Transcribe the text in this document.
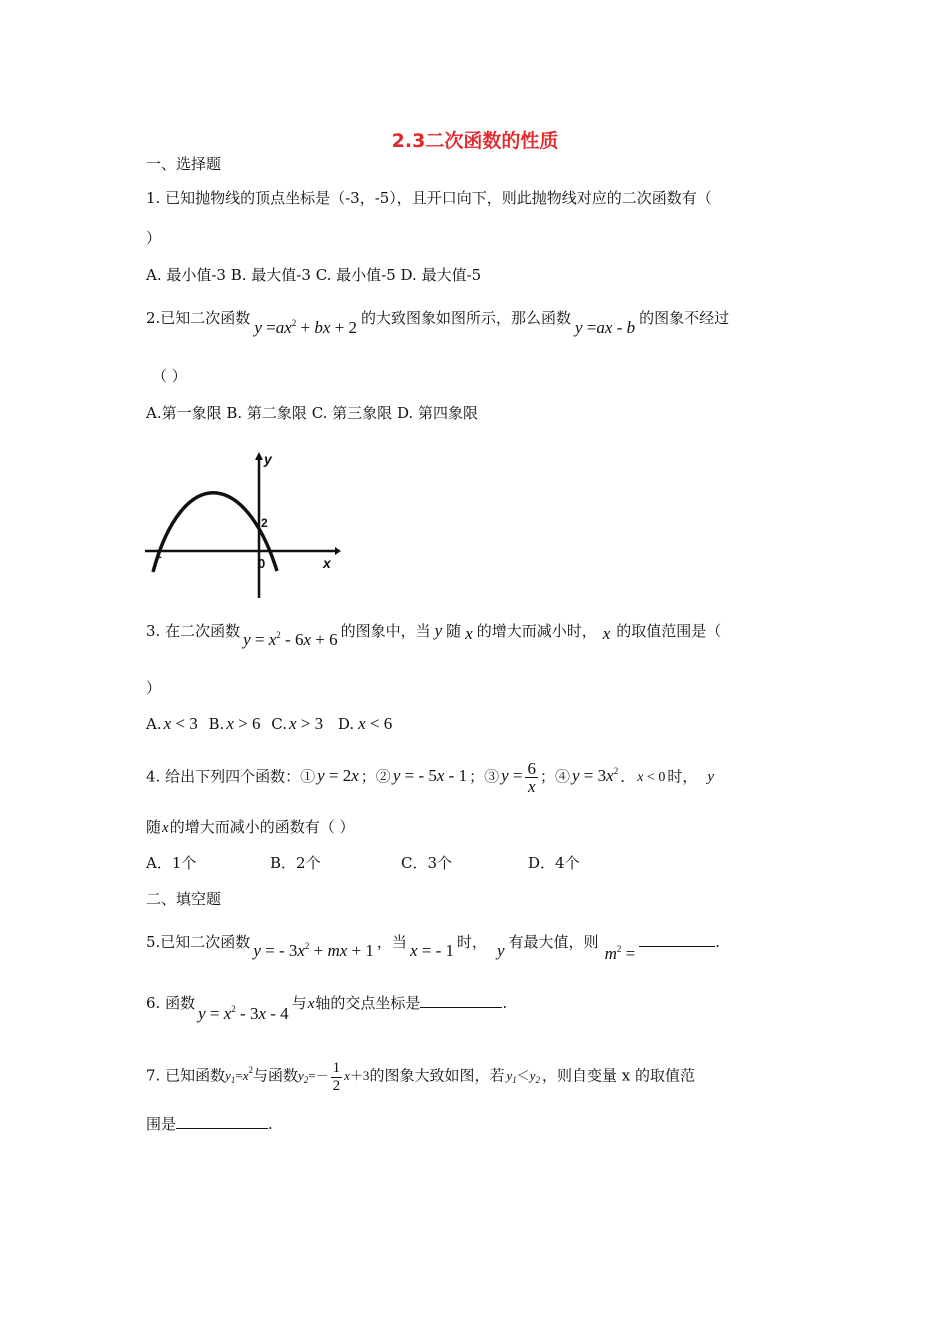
2.3二次函数的性质
一、选择题
1. 已知抛物线的顶点坐标是（-3，-5），且开口向下，则此抛物线对应的二次函数有（
）
A. 最小值-3 B. 最大值-3 C. 最小值-5 D. 最大值-5
2.已知二次函数 $y =ax^2$ + bx + 2 的大致图象如图所示，那么函数 y =ax - b 的图象不经过
（ ）
A.第一象限 B. 第二象限 C. 第三象限 D. 第四象限
y
x
2
0
1
3. 在二次函数 $y = x^2 - 6x + 6$ 的图象中，当 y 随 x 的增大而减小时， x 的取值范围是（
）
A. x < 3 B. x > 6 C. x > 3 D. x < 6
4. 给出下列四个函数：① y = 2x ；② y = - 5x - 1 ；③ $y = \frac{6}{x}$ ；④ $y = 3x^2$ ． x < 0 时， y
随x的增大而减小的函数有（ ）
A．1个	B．2个	C．3个	D．4个
二、填空题
5.已知二次函数 y = - $3x^2$ + mx + 1 ，当 x = - 1 时， y 有最大值，则$m^2$ =.
6. 函数$y = x^2 - 3x - 4$与x轴的交点坐标是	.
7. 已知函数$y_1=x^2$与函数$y_2=- \frac{1}{2} x+3$的图象大致如图，若 $y_1<y_2$ ，则自变量 x 的取值范
围是	.
